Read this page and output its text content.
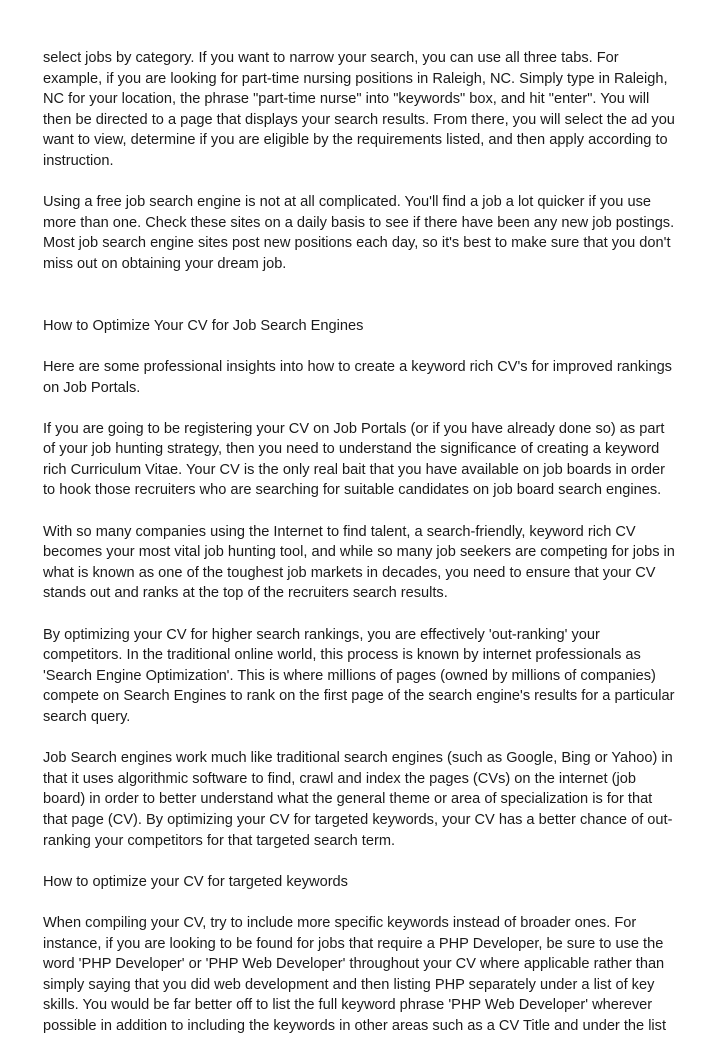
select jobs by category. If you want to narrow your search, you can use all three tabs. For
example, if you are looking for part-time nursing positions in Raleigh, NC. Simply type in Raleigh,
NC for your location, the phrase "part-time nurse" into "keywords" box, and hit "enter". You will
then be directed to a page that displays your search results. From there, you will select the ad you
want to view, determine if you are eligible by the requirements listed, and then apply according to
instruction.
Using a free job search engine is not at all complicated. You'll find a job a lot quicker if you use
more than one. Check these sites on a daily basis to see if there have been any new job postings.
Most job search engine sites post new positions each day, so it's best to make sure that you don't
miss out on obtaining your dream job.
How to Optimize Your CV for Job Search Engines
Here are some professional insights into how to create a keyword rich CV's for improved rankings
on Job Portals.
If you are going to be registering your CV on Job Portals (or if you have already done so) as part
of your job hunting strategy, then you need to understand the significance of creating a keyword
rich Curriculum Vitae. Your CV is the only real bait that you have available on job boards in order
to hook those recruiters who are searching for suitable candidates on job board search engines.
With so many companies using the Internet to find talent, a search-friendly, keyword rich CV
becomes your most vital job hunting tool, and while so many job seekers are competing for jobs in
what is known as one of the toughest job markets in decades, you need to ensure that your CV
stands out and ranks at the top of the recruiters search results.
By optimizing your CV for higher search rankings, you are effectively 'out-ranking' your
competitors. In the traditional online world, this process is known by internet professionals as
'Search Engine Optimization'. This is where millions of pages (owned by millions of companies)
compete on Search Engines to rank on the first page of the search engine's results for a particular
search query.
Job Search engines work much like traditional search engines (such as Google, Bing or Yahoo) in
that it uses algorithmic software to find, crawl and index the pages (CVs) on the internet (job
board) in order to better understand what the general theme or area of specialization is for that
that page (CV). By optimizing your CV for targeted keywords, your CV has a better chance of out-
ranking your competitors for that targeted search term.
How to optimize your CV for targeted keywords
When compiling your CV, try to include more specific keywords instead of broader ones. For
instance, if you are looking to be found for jobs that require a PHP Developer, be sure to use the
word 'PHP Developer' or 'PHP Web Developer' throughout your CV where applicable rather than
simply saying that you did web development and then listing PHP separately under a list of key
skills. You would be far better off to list the full keyword phrase 'PHP Web Developer' wherever
possible in addition to including the keywords in other areas such as a CV Title and under the list
